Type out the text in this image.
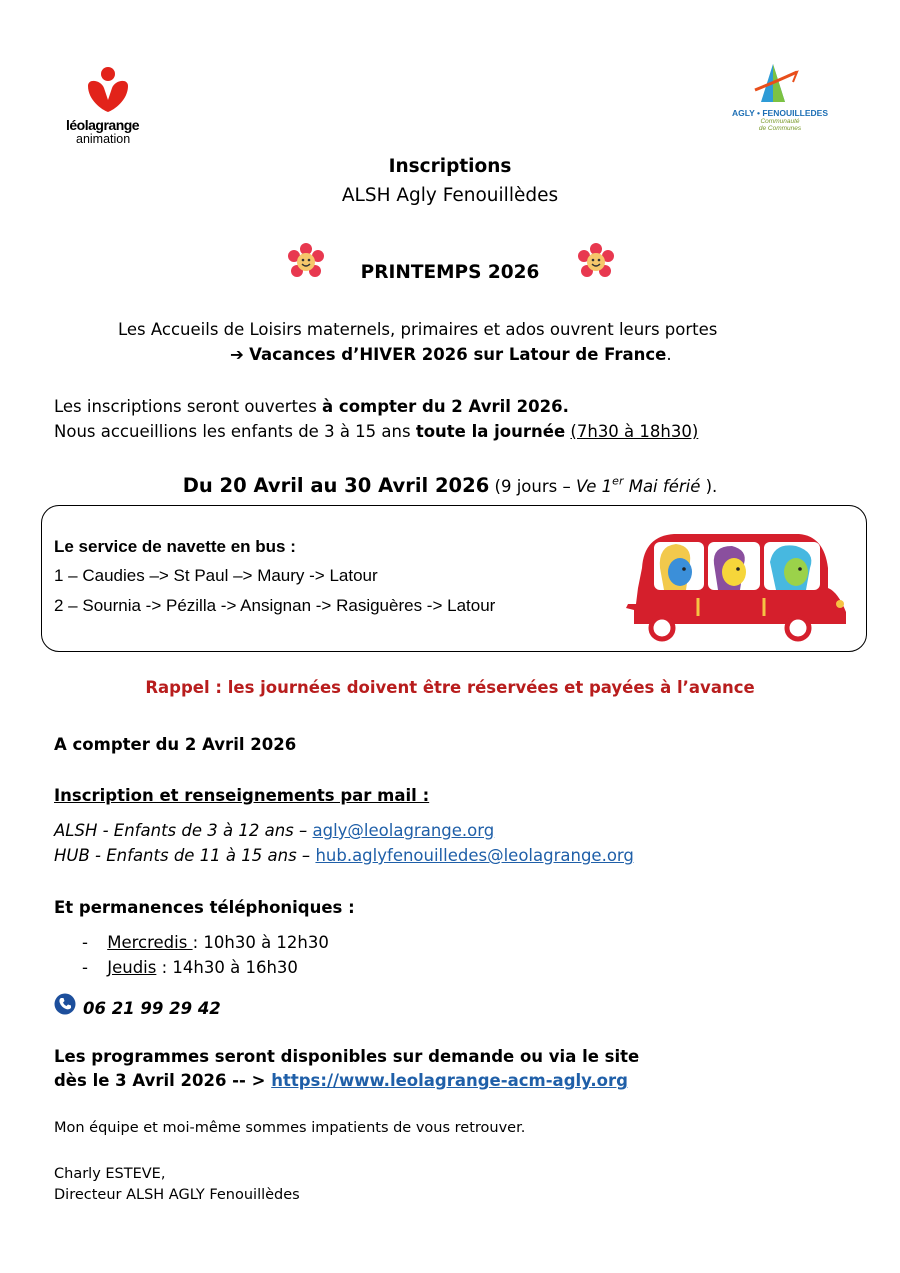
léolagrange
animation
AGLY • FENOUILLEDES
Communauté
de Communes
Inscriptions
ALSH Agly Fenouillèdes
PRINTEMPS 2026
Les Accueils de Loisirs maternels, primaires et ados ouvrent leurs portes
➔ Vacances d’HIVER 2026 sur Latour de France.
Les inscriptions seront ouvertes à compter du 2 Avril 2026.
Nous accueillions les enfants de 3 à 15 ans toute la journée (7h30 à 18h30)
Du 20 Avril au 30 Avril 2026 (9 jours – Ve 1er Mai férié ).
Le service de navette en bus :
1 – Caudies –> St Paul –> Maury -> Latour
2 – Sournia -> Pézilla -> Ansignan -> Rasiguères -> Latour
Rappel : les journées doivent être réservées et payées à l’avance
A compter du 2 Avril 2026
Inscription et renseignements par mail :
ALSH - Enfants de 3 à 12 ans – agly@leolagrange.org
HUB - Enfants de 11 à 15 ans – hub.aglyfenouilledes@leolagrange.org
Et permanences téléphoniques :
- Mercredis : 10h30 à 12h30
- Jeudis : 14h30 à 16h30
06 21 99 29 42
Les programmes seront disponibles sur demande ou via le site
dès le 3 Avril 2026 -- > https://www.leolagrange-acm-agly.org
Mon équipe et moi-même sommes impatients de vous retrouver.
Charly ESTEVE,
Directeur ALSH AGLY Fenouillèdes
